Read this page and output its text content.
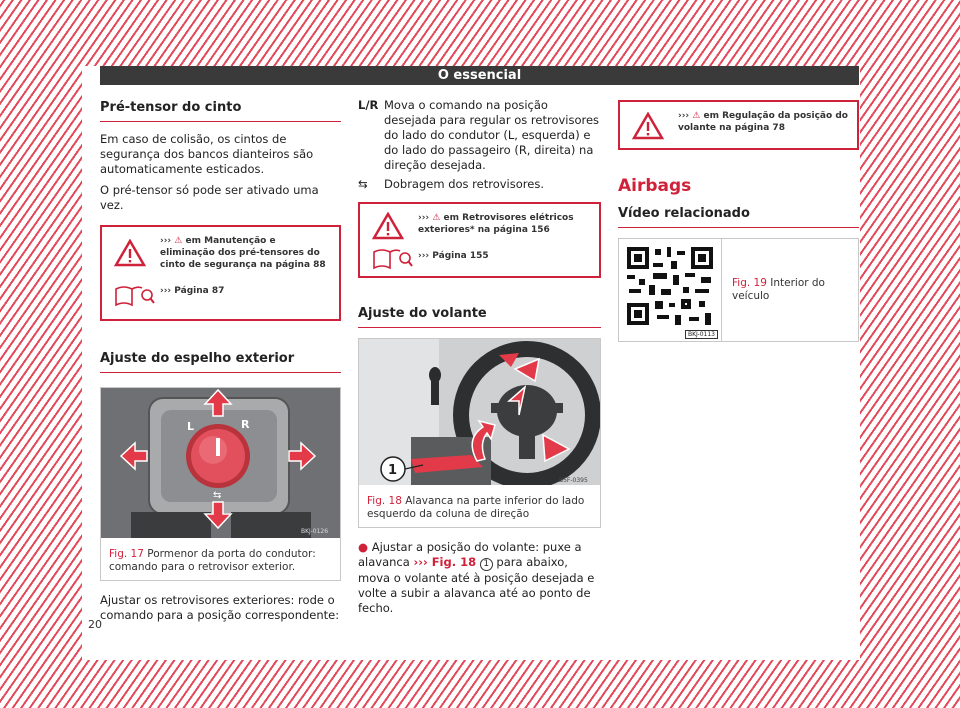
O essencial
Pré-tensor do cinto

Em caso de colisão, os cintos de segurança dos bancos dianteiros são automaticamente esticados.

O pré-tensor só pode ser ativado uma vez.

››› ⚠ em Manutenção e eliminação dos pré-tensores do cinto de segurança na página 88
››› Página 87
Ajuste do espelho exterior
L	R
⇆
BKJ-0126
Fig. 17 Pormenor da porta do condutor: comando para o retrovisor exterior.

Ajustar os retrovisores exteriores: rode o comando para a posição correspondente:

20
L/R Mova o comando na posição desejada para regular os retrovisores do lado do condutor (L, esquerda) e do lado do passageiro (R, direita) na direção desejada.
⇆	Dobragem dos retrovisores.
››› ⚠ em Retrovisores elétricos exteriores* na página 156
››› Página 155
Ajuste do volante
1
B5F-0395
Fig. 18 Alavanca na parte inferior do lado esquerdo da coluna de direção

● Ajustar a posição do volante: puxe a alavanca ››› Fig. 18 1 para abaixo, mova o volante até à posição desejada e volte a subir a alavanca até ao ponto de fecho.

››› ⚠ em Regulação da posição do volante na página 78
Airbags
Vídeo relacionado
BKJ-0113
Fig. 19 Interior do veículo
